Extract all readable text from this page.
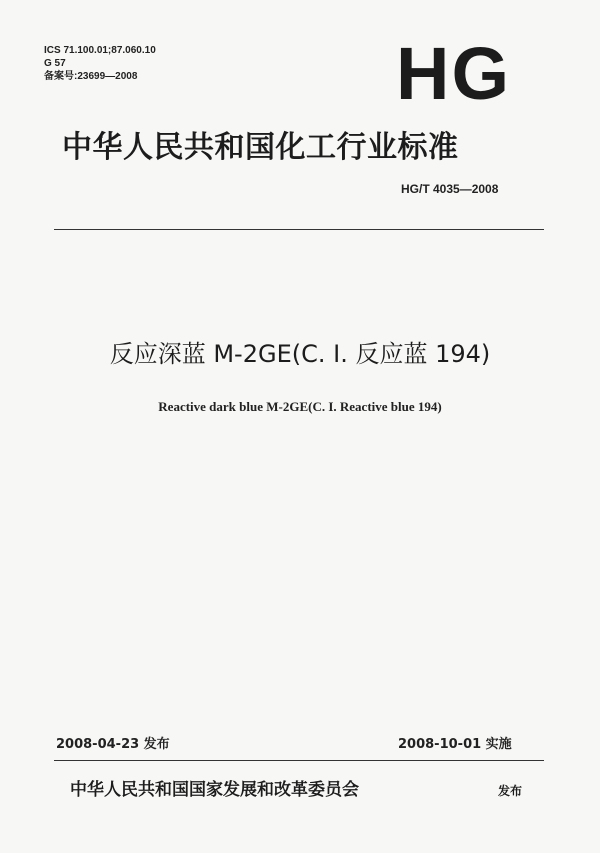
ICS 71.100.01;87.060.10
G 57
备案号:23699—2008	HG
中华人民共和国化工行业标准
HG/T 4035—2008
反应深蓝 M-2GE(C. I. 反应蓝 194)
Reactive dark blue M-2GE(C. I. Reactive blue 194)
2008-04-23 发布	2008-10-01 实施
中华人民共和国国家发展和改革委员会	发布
